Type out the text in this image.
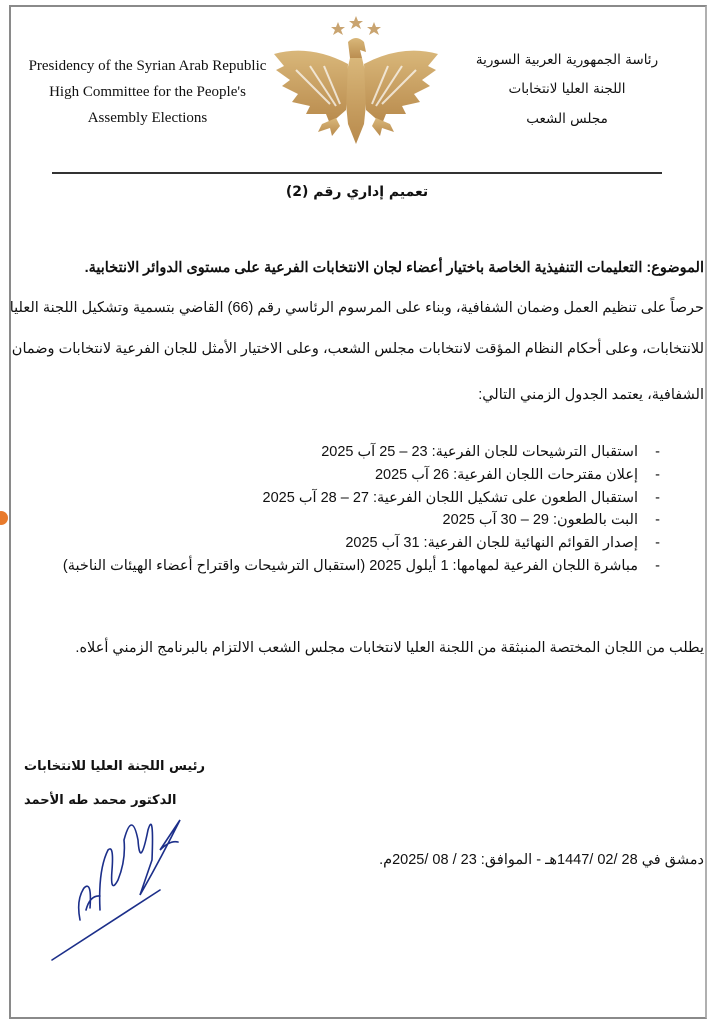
Presidency of the Syrian Arab Republic
High Committee for the People's
Assembly Elections
رئاسة الجمهورية العربية السورية
اللجنة العليا لانتخابات
مجلس الشعب
تعميم إداري رقم (2)
الموضوع: التعليمات التنفيذية الخاصة باختيار أعضاء لجان الانتخابات الفرعية على مستوى الدوائر الانتخابية.
حرصاً على تنظيم العمل وضمان الشفافية، وبناء على المرسوم الرئاسي رقم (66) القاضي بتسمية وتشكيل اللجنة العليا
للانتخابات، وعلى أحكام النظام المؤقت لانتخابات مجلس الشعب، وعلى الاختيار الأمثل للجان الفرعية لانتخابات وضمان
الشفافية، يعتمد الجدول الزمني التالي:
-استقبال الترشيحات للجان الفرعية: 23 – 25 آب 2025
-إعلان مقترحات اللجان الفرعية: 26 آب 2025
-استقبال الطعون على تشكيل اللجان الفرعية: 27 – 28 آب 2025
-البت بالطعون: 29 – 30 آب 2025
-إصدار القوائم النهائية للجان الفرعية: 31 آب 2025
-مباشرة اللجان الفرعية لمهامها: 1 أيلول 2025 (استقبال الترشيحات واقتراح أعضاء الهيئات الناخبة)
يطلب من اللجان المختصة المنبثقة من اللجنة العليا لانتخابات مجلس الشعب الالتزام بالبرنامج الزمني أعلاه.
رئيس اللجنة العليا للانتخابات
الدكتور محمد طه الأحمد
دمشق في 28 /02 /1447هـ - الموافق: 23 / 08 /2025م.
